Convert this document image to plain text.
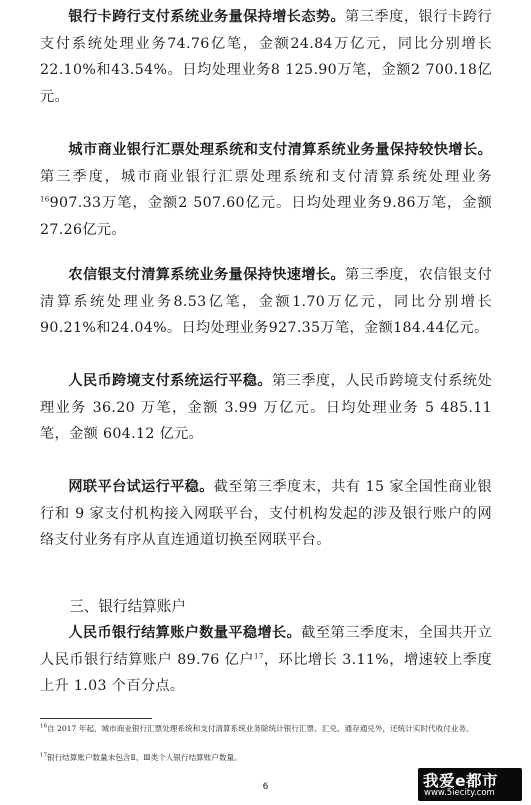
银行卡跨行支付系统业务量保持增长态势。第三季度，银行卡跨行支付系统处理业务74.76亿笔，金额24.84万亿元，同比分别增长22.10%和43.54%。日均处理业务8 125.90万笔，金额2 700.18亿元。

城市商业银行汇票处理系统和支付清算系统业务量保持较快增长。第三季度，城市商业银行汇票处理系统和支付清算系统处理业务$^{16}$907.33万笔，金额2 507.60亿元。日均处理业务9.86万笔，金额27.26亿元。

农信银支付清算系统业务量保持快速增长。第三季度，农信银支付清算系统处理业务8.53亿笔，金额1.70万亿元，同比分别增长90.21%和24.04%。日均处理业务927.35万笔，金额184.44亿元。

人民币跨境支付系统运行平稳。第三季度，人民币跨境支付系统处理业务 36.20 万笔，金额 3.99 万亿元。日均处理业务 5 485.11 笔，金额 604.12 亿元。

网联平台试运行平稳。截至第三季度末，共有 15 家全国性商业银行和 9 家支付机构接入网联平台，支付机构发起的涉及银行账户的网络支付业务有序从直连通道切换至网联平台。

三、银行结算账户

人民币银行结算账户数量平稳增长。截至第三季度末，全国共开立人民币银行结算账户 89.76 亿户$^{17}$，环比增长 3.11%，增速较上季度上升 1.03 个百分点。

$^{16}$自 2017 年起，城市商业银行汇票处理系统和支付清算系统业务除统计银行汇票、汇兑、通存通兑外，还统计实时代收付业务。

$^{17}$银行结算账户数量未包含Ⅱ、Ⅲ类个人银行结算账户数量。

6	我爱e都市
www.5iecity.com
